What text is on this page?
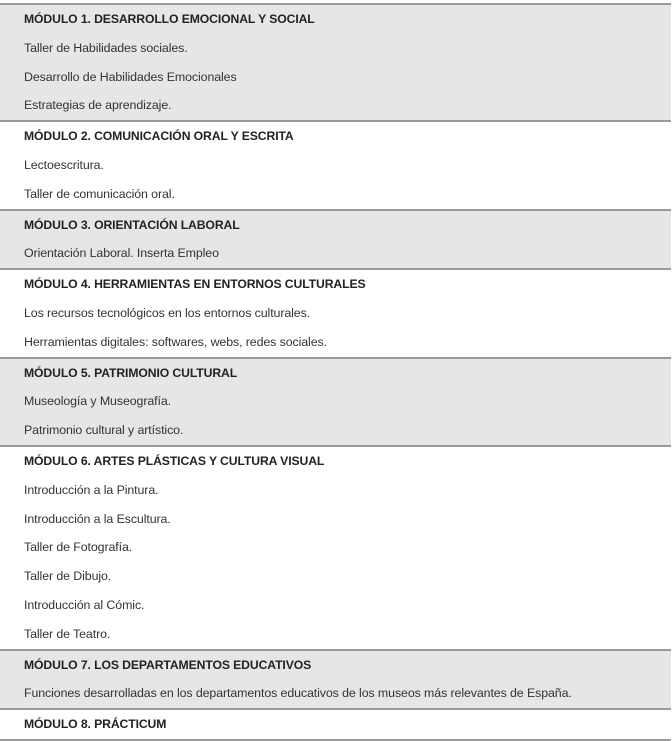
MÓDULO 1. DESARROLLO EMOCIONAL Y SOCIAL
Taller de Habilidades sociales.
Desarrollo de Habilidades Emocionales
Estrategias de aprendizaje.
MÓDULO 2. COMUNICACIÓN ORAL Y ESCRITA
Lectoescritura.
Taller de comunicación oral.
MÓDULO 3. ORIENTACIÓN LABORAL
Orientación Laboral. Inserta Empleo
MÓDULO 4. HERRAMIENTAS EN ENTORNOS CULTURALES
Los recursos tecnológicos en los entornos culturales.
Herramientas digitales: softwares, webs, redes sociales.
MÓDULO 5. PATRIMONIO CULTURAL
Museología y Museografía.
Patrimonio cultural y artístico.
MÓDULO 6. ARTES PLÁSTICAS Y CULTURA VISUAL
Introducción a la Pintura.
Introducción a la Escultura.
Taller de Fotografía.
Taller de Dibujo.
Introducción al Cómic.
Taller de Teatro.
MÓDULO 7. LOS DEPARTAMENTOS EDUCATIVOS
Funciones desarrolladas en los departamentos educativos de los museos más relevantes de España.
MÓDULO 8. PRÁCTICUM
